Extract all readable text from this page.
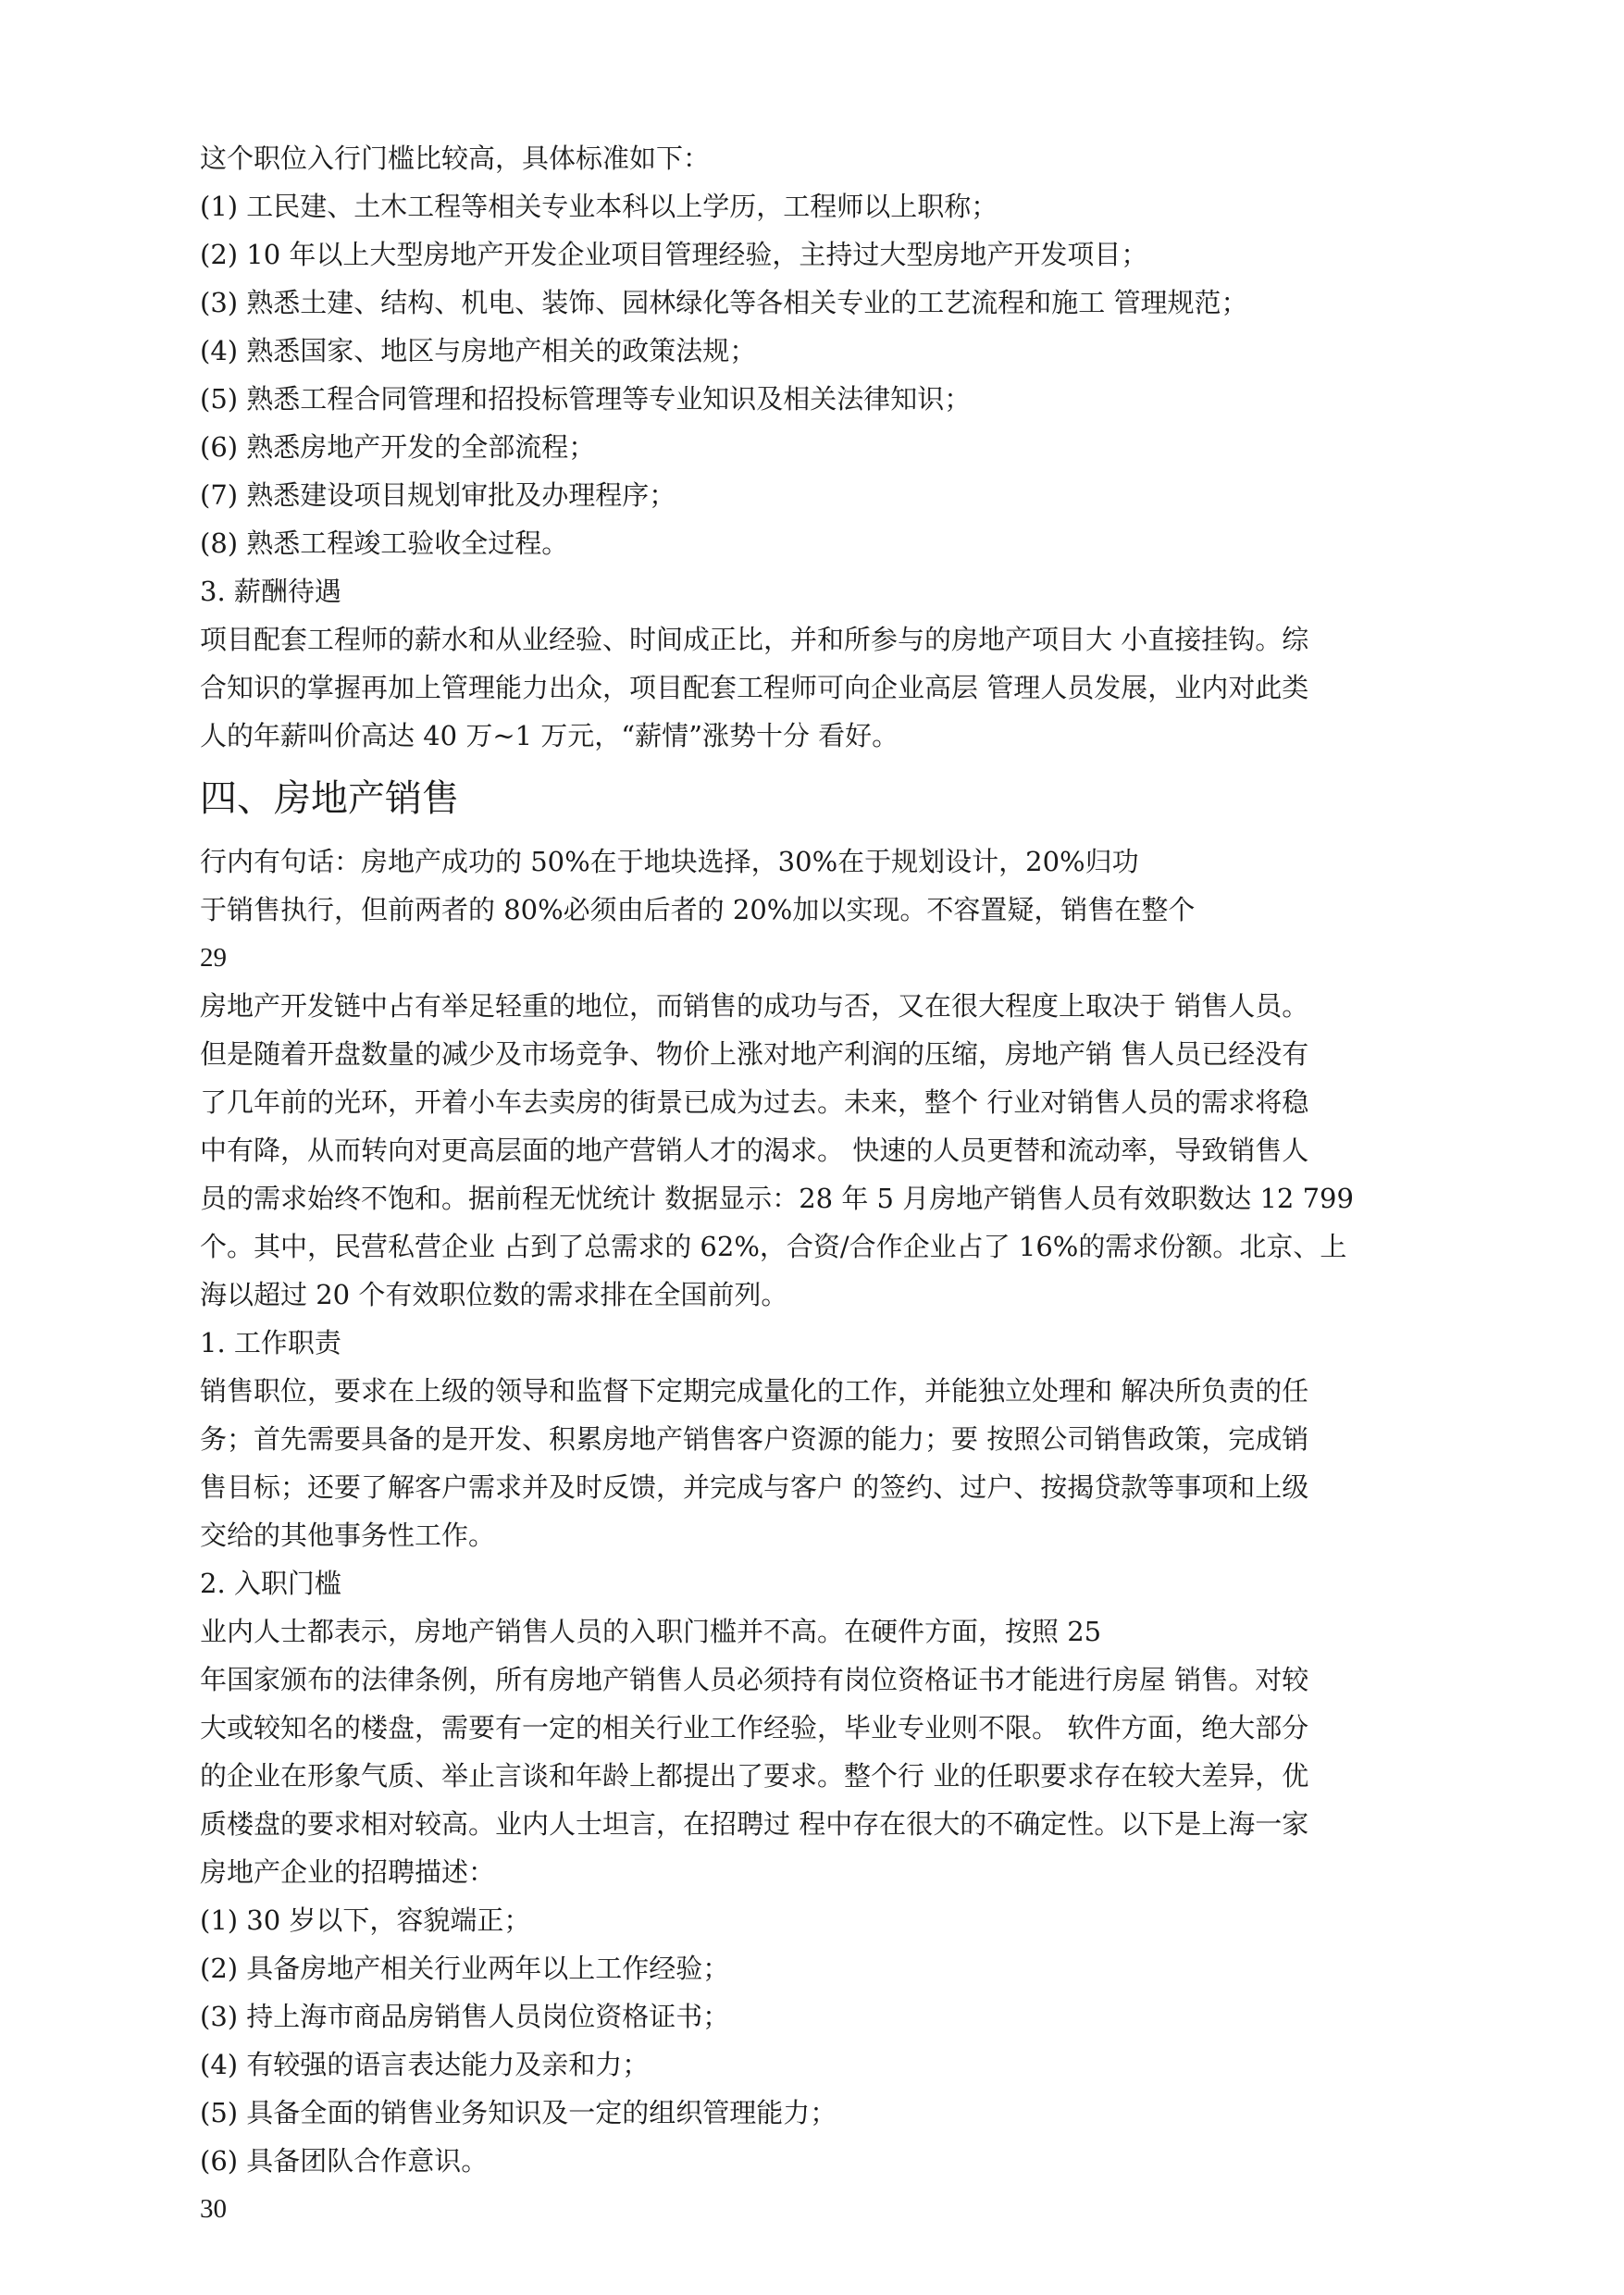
这个职位入行门槛比较高，具体标准如下：
(1) 工民建、土木工程等相关专业本科以上学历，工程师以上职称；
(2) 10 年以上大型房地产开发企业项目管理经验，主持过大型房地产开发项目；
(3) 熟悉土建、结构、机电、装饰、园林绿化等各相关专业的工艺流程和施工 管理规范；
(4) 熟悉国家、地区与房地产相关的政策法规；
(5) 熟悉工程合同管理和招投标管理等专业知识及相关法律知识；
(6) 熟悉房地产开发的全部流程；
(7) 熟悉建设项目规划审批及办理程序；
(8) 熟悉工程竣工验收全过程。
3. 薪酬待遇
项目配套工程师的薪水和从业经验、时间成正比，并和所参与的房地产项目大 小直接挂钩。综
合知识的掌握再加上管理能力出众，项目配套工程师可向企业高层 管理人员发展，业内对此类
人的年薪叫价高达 40 万~1 万元，“薪情”涨势十分 看好。
四、房地产销售
行内有句话：房地产成功的 50%在于地块选择，30%在于规划设计，20%归功
于销售执行，但前两者的 80%必须由后者的 20%加以实现。不容置疑，销售在整个
29
房地产开发链中占有举足轻重的地位，而销售的成功与否，又在很大程度上取决于 销售人员。
但是随着开盘数量的减少及市场竞争、物价上涨对地产利润的压缩，房地产销 售人员已经没有
了几年前的光环，开着小车去卖房的街景已成为过去。未来，整个 行业对销售人员的需求将稳
中有降，从而转向对更高层面的地产营销人才的渴求。 快速的人员更替和流动率，导致销售人
员的需求始终不饱和。据前程无忧统计 数据显示：28 年 5 月房地产销售人员有效职数达 12 799
个。其中，民营私营企业 占到了总需求的 62%，合资/合作企业占了 16%的需求份额。北京、上
海以超过 20 个有效职位数的需求排在全国前列。
1. 工作职责
销售职位，要求在上级的领导和监督下定期完成量化的工作，并能独立处理和 解决所负责的任
务；首先需要具备的是开发、积累房地产销售客户资源的能力；要 按照公司销售政策，完成销
售目标；还要了解客户需求并及时反馈，并完成与客户 的签约、过户、按揭贷款等事项和上级
交给的其他事务性工作。
2. 入职门槛
业内人士都表示，房地产销售人员的入职门槛并不高。在硬件方面，按照 25
年国家颁布的法律条例，所有房地产销售人员必须持有岗位资格证书才能进行房屋 销售。对较
大或较知名的楼盘，需要有一定的相关行业工作经验，毕业专业则不限。 软件方面，绝大部分
的企业在形象气质、举止言谈和年龄上都提出了要求。整个行 业的任职要求存在较大差异，优
质楼盘的要求相对较高。业内人士坦言，在招聘过 程中存在很大的不确定性。以下是上海一家
房地产企业的招聘描述：
(1) 30 岁以下，容貌端正；
(2) 具备房地产相关行业两年以上工作经验；
(3) 持上海市商品房销售人员岗位资格证书；
(4) 有较强的语言表达能力及亲和力；
(5) 具备全面的销售业务知识及一定的组织管理能力；
(6) 具备团队合作意识。
30
